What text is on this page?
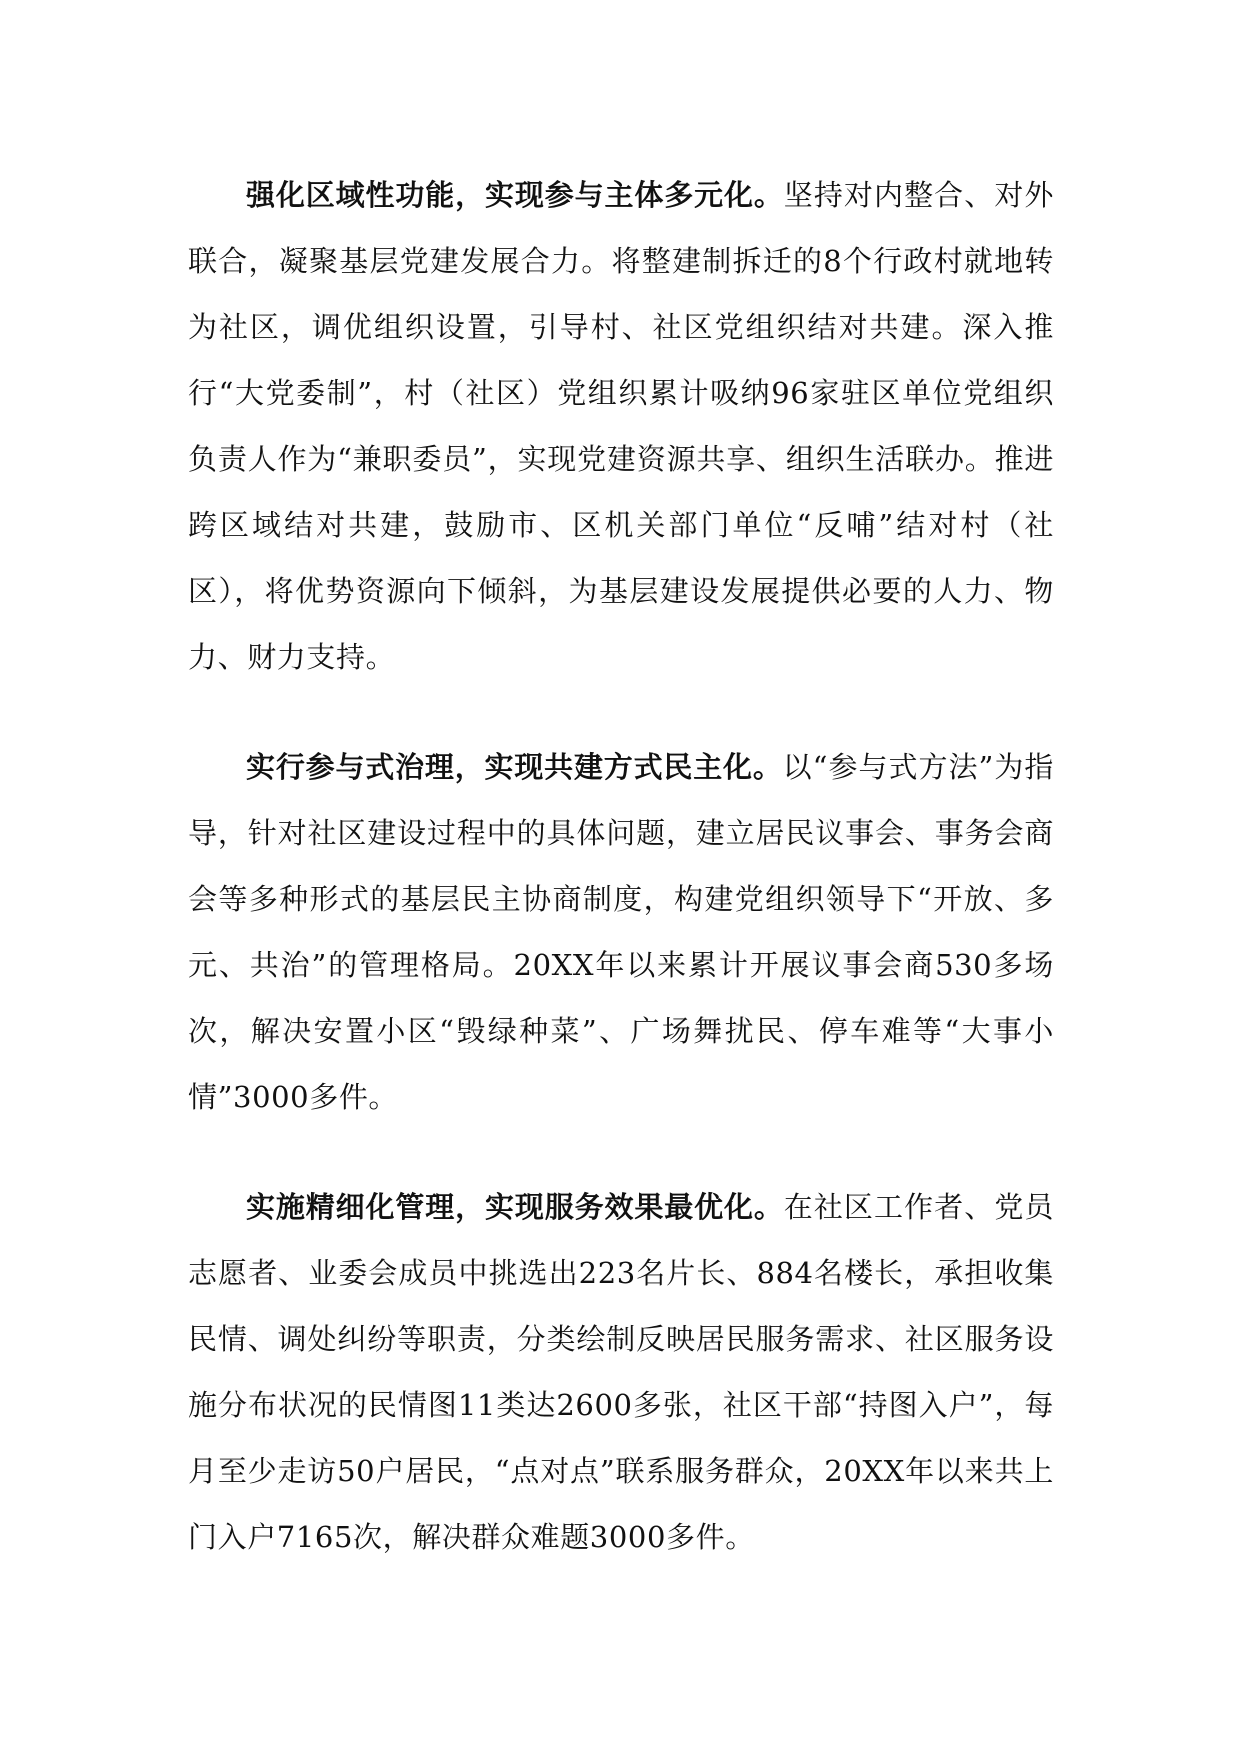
强化区域性功能，实现参与主体多元化。坚持对内整合、对外联合，凝聚基层党建发展合力。将整建制拆迁的8个行政村就地转为社区，调优组织设置，引导村、社区党组织结对共建。深入推行“大党委制”，村（社区）党组织累计吸纳96家驻区单位党组织负责人作为“兼职委员”，实现党建资源共享、组织生活联办。推进跨区域结对共建，鼓励市、区机关部门单位“反哺”结对村（社区），将优势资源向下倾斜，为基层建设发展提供必要的人力、物力、财力支持。

实行参与式治理，实现共建方式民主化。以“参与式方法”为指导，针对社区建设过程中的具体问题，建立居民议事会、事务会商会等多种形式的基层民主协商制度，构建党组织领导下“开放、多元、共治”的管理格局。20XX年以来累计开展议事会商530多场次，解决安置小区“毁绿种菜”、广场舞扰民、停车难等“大事小情”3000多件。

实施精细化管理，实现服务效果最优化。在社区工作者、党员志愿者、业委会成员中挑选出223名片长、884名楼长，承担收集民情、调处纠纷等职责，分类绘制反映居民服务需求、社区服务设施分布状况的民情图11类达2600多张，社区干部“持图入户”，每月至少走访50户居民，“点对点”联系服务群众，20XX年以来共上门入户7165次，解决群众难题3000多件。
